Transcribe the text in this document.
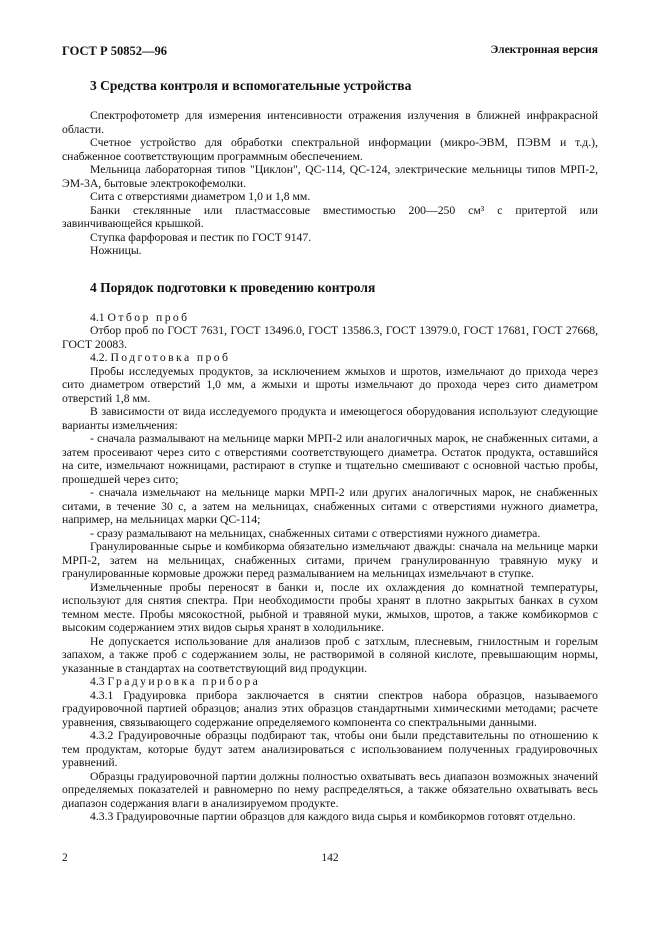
ГОСТ Р 50852—96	Электронная версия
3 Средства контроля и вспомогательные устройства

Спектрофотометр для измерения интенсивности отражения излучения в ближней инфракрасной области.

Счетное устройство для обработки спектральной информации (микро-ЭВМ, ПЭВМ и т.д.), снабженное соответствующим программным обеспечением.

Мельница лабораторная типов "Циклон", QC-114, QC-124, электрические мельницы типов МРП-2, ЭМ-3А, бытовые электрокофемолки.

Сита с отверстиями диаметром 1,0 и 1,8 мм.

Банки стеклянные или пластмассовые вместимостью 200—250 см³ с притертой или завинчивающейся крышкой.

Ступка фарфоровая и пестик по ГОСТ 9147.

Ножницы.

4 Порядок подготовки к проведению контроля

4.1 Отбор проб

Отбор проб по ГОСТ 7631, ГОСТ 13496.0, ГОСТ 13586.3, ГОСТ 13979.0, ГОСТ 17681, ГОСТ 27668, ГОСТ 20083.

4.2. Подготовка проб

Пробы исследуемых продуктов, за исключением жмыхов и шротов, измельчают до прихода через сито диаметром отверстий 1,0 мм, а жмыхи и шроты измельчают до прохода через сито диаметром отверстий 1,8 мм.

В зависимости от вида исследуемого продукта и имеющегося оборудования используют следующие варианты измельчения:

- сначала размалывают на мельнице марки МРП-2 или аналогичных марок, не снабженных ситами, а затем просеивают через сито с отверстиями соответствующего диаметра. Остаток продукта, оставшийся на сите, измельчают ножницами, растирают в ступке и тщательно смешивают с основной частью пробы, прошедшей через сито;

- сначала измельчают на мельнице марки МРП-2 или других аналогичных марок, не снабженных ситами, в течение 30 с, а затем на мельницах, снабженных ситами с отверстиями нужного диаметра, например, на мельницах марки QC-114;

- сразу размалывают на мельницах, снабженных ситами с отверстиями нужного диаметра.

Гранулированные сырье и комбикорма обязательно измельчают дважды: сначала на мельнице марки МРП-2, затем на мельницах, снабженных ситами, причем гранулированную травяную муку и гранулированные кормовые дрожжи перед размалыванием на мельницах измельчают в ступке.

Измельченные пробы переносят в банки и, после их охлаждения до комнатной температуры, используют для снятия спектра. При необходимости пробы хранят в плотно закрытых банках в сухом темном месте. Пробы мясокостной, рыбной и травяной муки, жмыхов, шротов, а также комбикормов с высоким содержанием этих видов сырья хранят в холодильнике.

Не допускается использование для анализов проб с затхлым, плесневым, гнилостным и горелым запахом, а также проб с содержанием золы, не растворимой в соляной кислоте, превышающим нормы, указанные в стандартах на соответствующий вид продукции.

4.3 Градуировка прибора

4.3.1 Градуировка прибора заключается в снятии спектров набора образцов, называемого градуировочной партией образцов; анализ этих образцов стандартными химическими методами; расчете уравнения, связывающего содержание определяемого компонента со спектральными данными.

4.3.2 Градуировочные образцы подбирают так, чтобы они были представительны по отношению к тем продуктам, которые будут затем анализироваться с использованием полученных градуировочных уравнений.

Образцы градуировочной партии должны полностью охватывать весь диапазон возможных значений определяемых показателей и равномерно по нему распределяться, а также обязательно охватывать весь диапазон содержания влаги в анализируемом продукте.

4.3.3 Градуировочные партии образцов для каждого вида сырья и комбикормов готовят отдельно.

2	142
